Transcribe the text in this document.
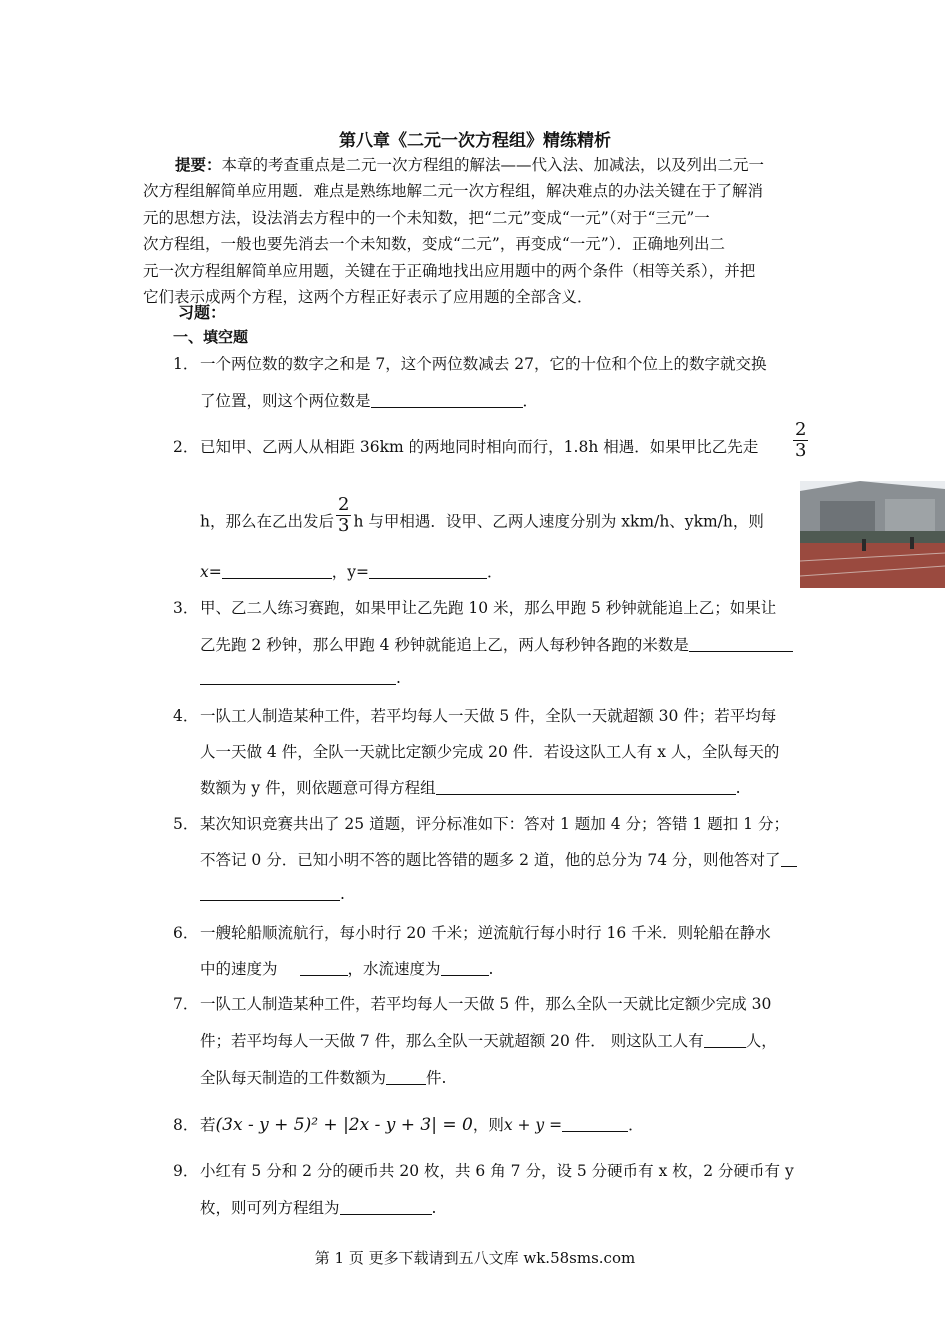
第八章《二元一次方程组》精练精析
提要：本章的考查重点是二元一次方程组的解法——代入法、加减法，以及列出二元一
次方程组解简单应用题．难点是熟练地解二元一次方程组，解决难点的办法关键在于了解消
元的思想方法，设法消去方程中的一个未知数，把“二元”变成“一元”（对于“三元”一
次方程组，一般也要先消去一个未知数，变成“二元”，再变成“一元”）．正确地列出二
元一次方程组解简单应用题，关键在于正确地找出应用题中的两个条件（相等关系），并把
它们表示成两个方程，这两个方程正好表示了应用题的全部含义．
习题：
一、填空题
1． 一个两位数的数字之和是 7，这个两位数减去 27，它的十位和个位上的数字就交换
了位置，则这个两位数是	．
2． 已知甲、乙两人从相距 36km 的两地同时相向而行，1.8h 相遇．如果甲比乙先走 $\frac{2}{3}$
h，那么在乙出发后 $\frac{2}{3}$ h 与甲相遇．设甲、乙两人速度分别为 xkm/h、ykm/h，则
x=	，y=	．
3． 甲、乙二人练习赛跑，如果甲让乙先跑 10 米，那么甲跑 5 秒钟就能追上乙；如果让
乙先跑 2 秒钟，那么甲跑 4 秒钟就能追上乙，两人每秒钟各跑的米数是
.
4． 一队工人制造某种工件，若平均每人一天做 5 件，全队一天就超额 30 件；若平均每
人一天做 4 件，全队一天就比定额少完成 20 件．若设这队工人有 x 人，全队每天的
数额为 y 件，则依题意可得方程组	.
5． 某次知识竞赛共出了 25 道题，评分标准如下：答对 1 题加 4 分；答错 1 题扣 1 分；
不答记 0 分．已知小明不答的题比答错的题多 2 道，他的总分为 74 分，则他答对了
.
6． 一艘轮船顺流航行，每小时行 20 千米；逆流航行每小时行 16 千米．则轮船在静水
中的速度为	，水流速度为	.
7． 一队工人制造某种工件，若平均每人一天做 5 件，那么全队一天就比定额少完成 30
件；若平均每人一天做 7 件，那么全队一天就超额 20 件． 则这队工人有	人，
全队每天制造的工件数额为	件.
8． 若(3x - y + 5)² + |2x - y + 3| = 0，则x + y =	．
9． 小红有 5 分和 2 分的硬币共 20 枚，共 6 角 7 分，设 5 分硬币有 x 枚，2 分硬币有 y
枚，则可列方程组为	.
第 1 页 更多下载请到五八文库 wk.58sms.com
